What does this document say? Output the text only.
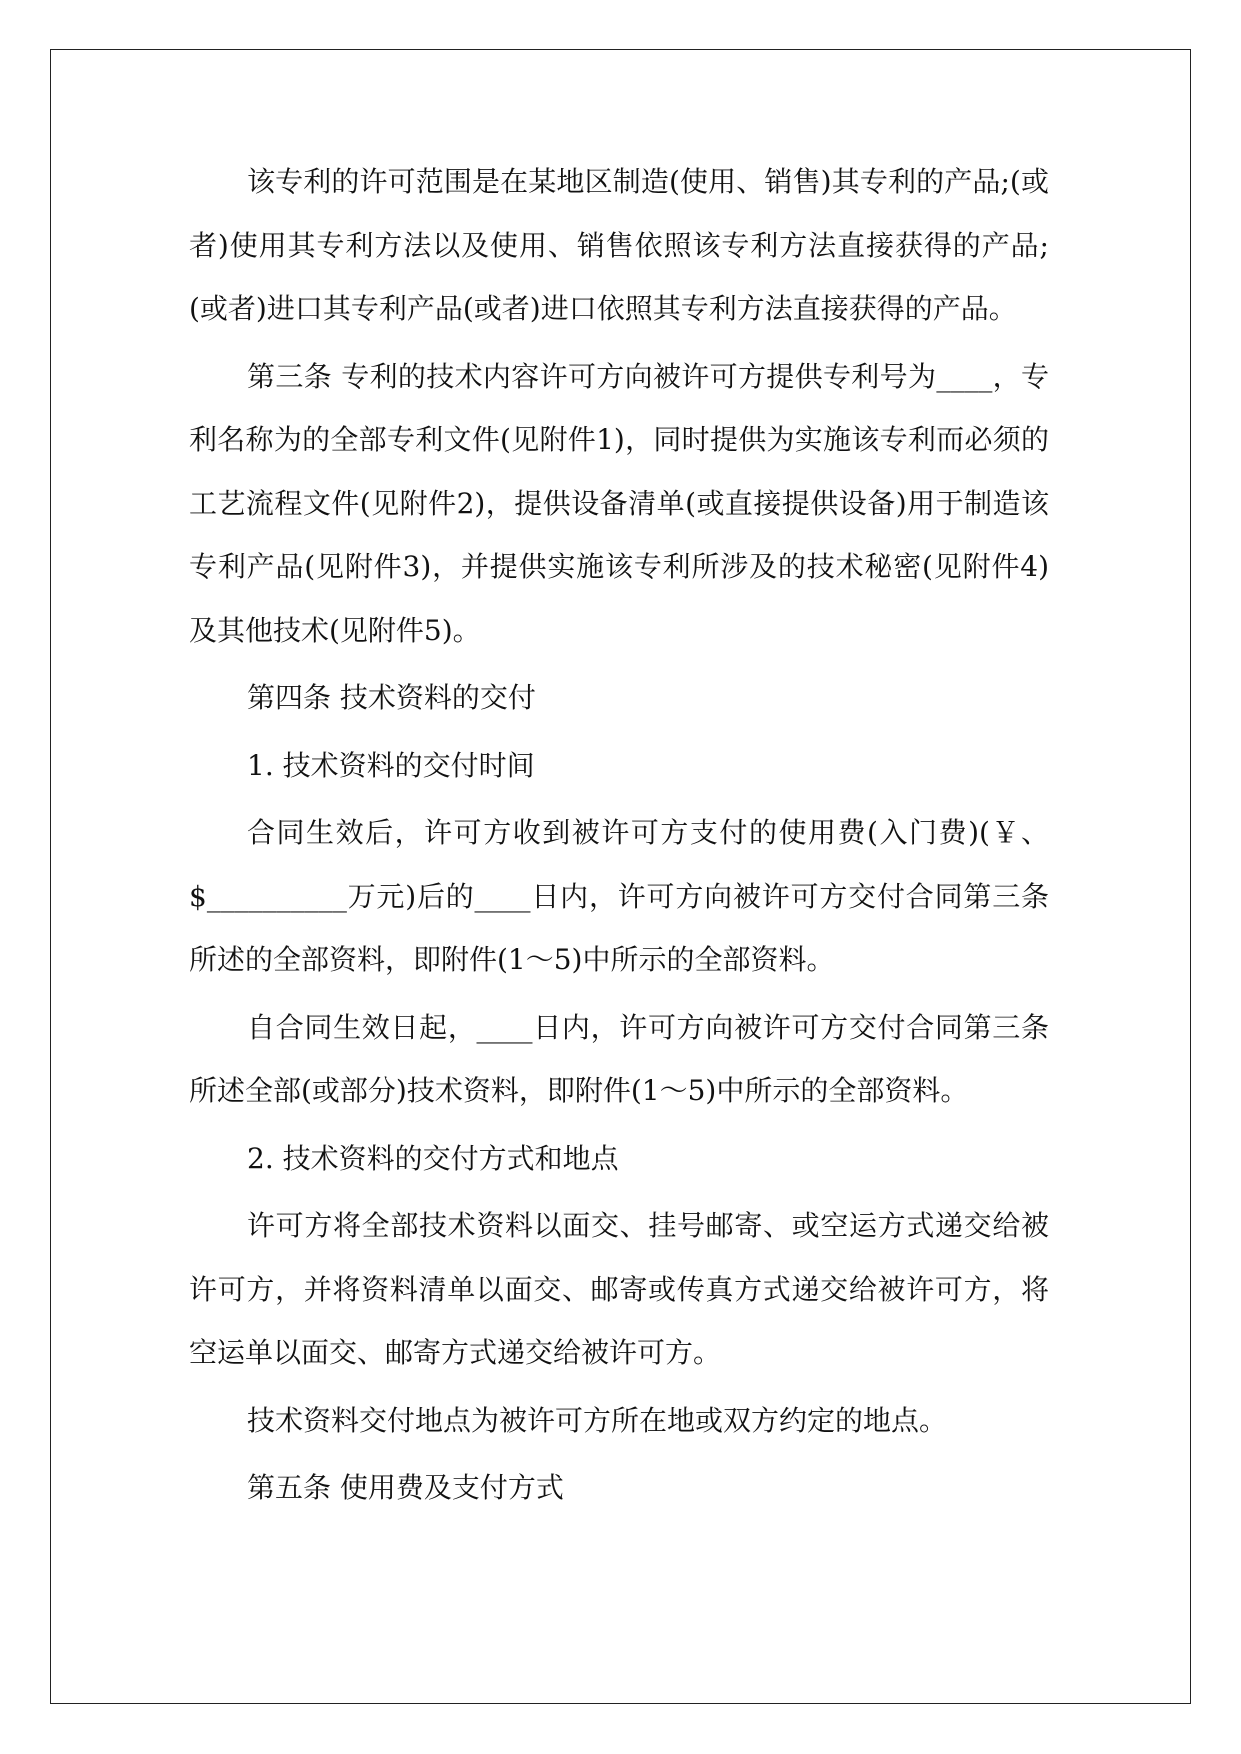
该专利的许可范围是在某地区制造(使用、销售)其专利的产品;(或者)使用其专利方法以及使用、销售依照该专利方法直接获得的产品;(或者)进口其专利产品(或者)进口依照其专利方法直接获得的产品。

第三条 专利的技术内容许可方向被许可方提供专利号为____，专利名称为的全部专利文件(见附件1)，同时提供为实施该专利而必须的工艺流程文件(见附件2)，提供设备清单(或直接提供设备)用于制造该专利产品(见附件3)，并提供实施该专利所涉及的技术秘密(见附件4)及其他技术(见附件5)。

第四条 技术资料的交付

1. 技术资料的交付时间

合同生效后，许可方收到被许可方支付的使用费(入门费)(￥、$__________万元)后的____日内，许可方向被许可方交付合同第三条所述的全部资料，即附件(1～5)中所示的全部资料。

自合同生效日起，____日内，许可方向被许可方交付合同第三条所述全部(或部分)技术资料，即附件(1～5)中所示的全部资料。

2. 技术资料的交付方式和地点

许可方将全部技术资料以面交、挂号邮寄、或空运方式递交给被许可方，并将资料清单以面交、邮寄或传真方式递交给被许可方，将空运单以面交、邮寄方式递交给被许可方。

技术资料交付地点为被许可方所在地或双方约定的地点。

第五条 使用费及支付方式
